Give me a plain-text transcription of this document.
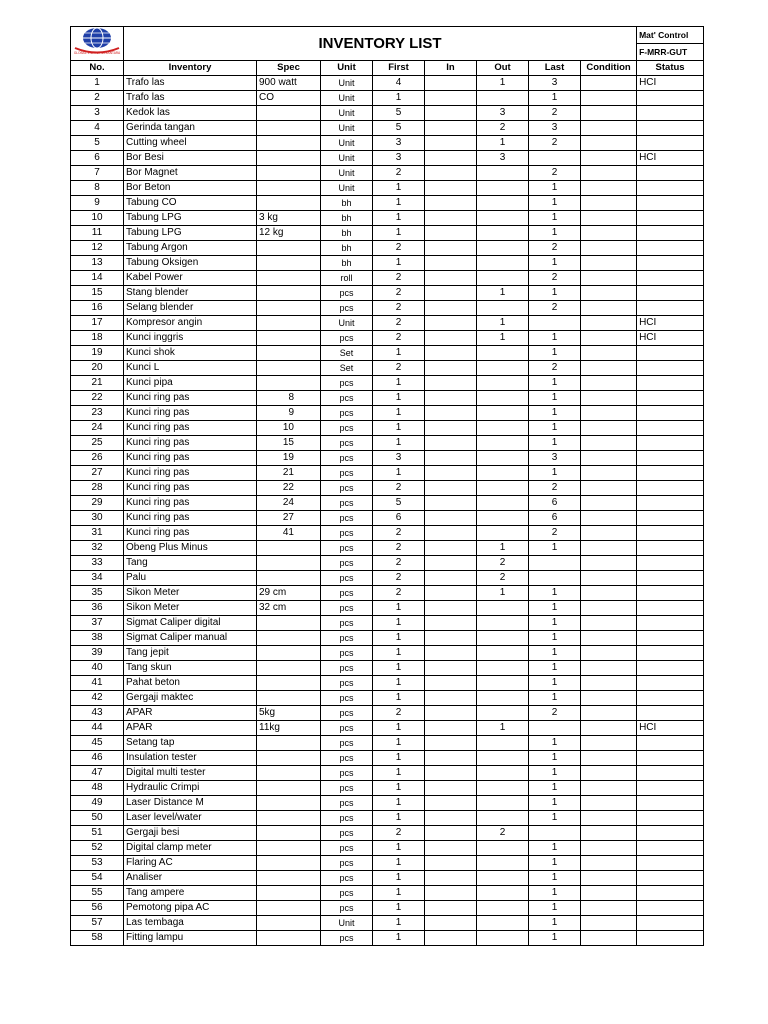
GLOBAL ENERGI NUSANTARA	INVENTORY LIST								Mat' Control
									F-MRR-GUT
No.	Inventory	Spec	Unit	First	In	Out	Last	Condition	Status
1	Trafo las	900 watt	Unit	4		1	3		HCI
2	Trafo las	CO	Unit	1			1		
3	Kedok las		Unit	5		3	2		
4	Gerinda tangan		Unit	5		2	3		
5	Cutting wheel		Unit	3		1	2		
6	Bor Besi		Unit	3		3			HCI
7	Bor Magnet		Unit	2			2		
8	Bor Beton		Unit	1			1		
9	Tabung CO		bh	1			1		
10	Tabung LPG	3 kg	bh	1			1		
11	Tabung LPG	12 kg	bh	1			1		
12	Tabung Argon		bh	2			2		
13	Tabung Oksigen		bh	1			1		
14	Kabel Power		roll	2			2		
15	Stang blender		pcs	2		1	1		
16	Selang blender		pcs	2			2		
17	Kompresor angin		Unit	2		1			HCI
18	Kunci inggris		pcs	2		1	1		HCI
19	Kunci shok		Set	1			1		
20	Kunci L		Set	2			2		
21	Kunci pipa		pcs	1			1		
22	Kunci ring pas	8	pcs	1			1		
23	Kunci ring pas	9	pcs	1			1		
24	Kunci ring pas	10	pcs	1			1		
25	Kunci ring pas	15	pcs	1			1		
26	Kunci ring pas	19	pcs	3			3		
27	Kunci ring pas	21	pcs	1			1		
28	Kunci ring pas	22	pcs	2			2		
29	Kunci ring pas	24	pcs	5			6		
30	Kunci ring pas	27	pcs	6			6		
31	Kunci ring pas	41	pcs	2			2		
32	Obeng Plus Minus		pcs	2		1	1		
33	Tang		pcs	2		2			
34	Palu		pcs	2		2			
35	Sikon Meter	29 cm	pcs	2		1	1		
36	Sikon Meter	32 cm	pcs	1			1		
37	Sigmat Caliper digital		pcs	1			1		
38	Sigmat Caliper manual		pcs	1			1		
39	Tang jepit		pcs	1			1		
40	Tang skun		pcs	1			1		
41	Pahat beton		pcs	1			1		
42	Gergaji maktec		pcs	1			1		
43	APAR	5kg	pcs	2			2		
44	APAR	11kg	pcs	1		1			HCI
45	Setang tap		pcs	1			1		
46	Insulation tester		pcs	1			1		
47	Digital multi tester		pcs	1			1		
48	Hydraulic Crimpi		pcs	1			1		
49	Laser Distance M		pcs	1			1		
50	Laser level/water		pcs	1			1		
51	Gergaji besi		pcs	2		2			
52	Digital clamp meter		pcs	1			1		
53	Flaring AC		pcs	1			1		
54	Analiser		pcs	1			1		
55	Tang ampere		pcs	1			1		
56	Pemotong pipa AC		pcs	1			1		
57	Las tembaga		Unit	1			1		
58	Fitting lampu		pcs	1			1		
